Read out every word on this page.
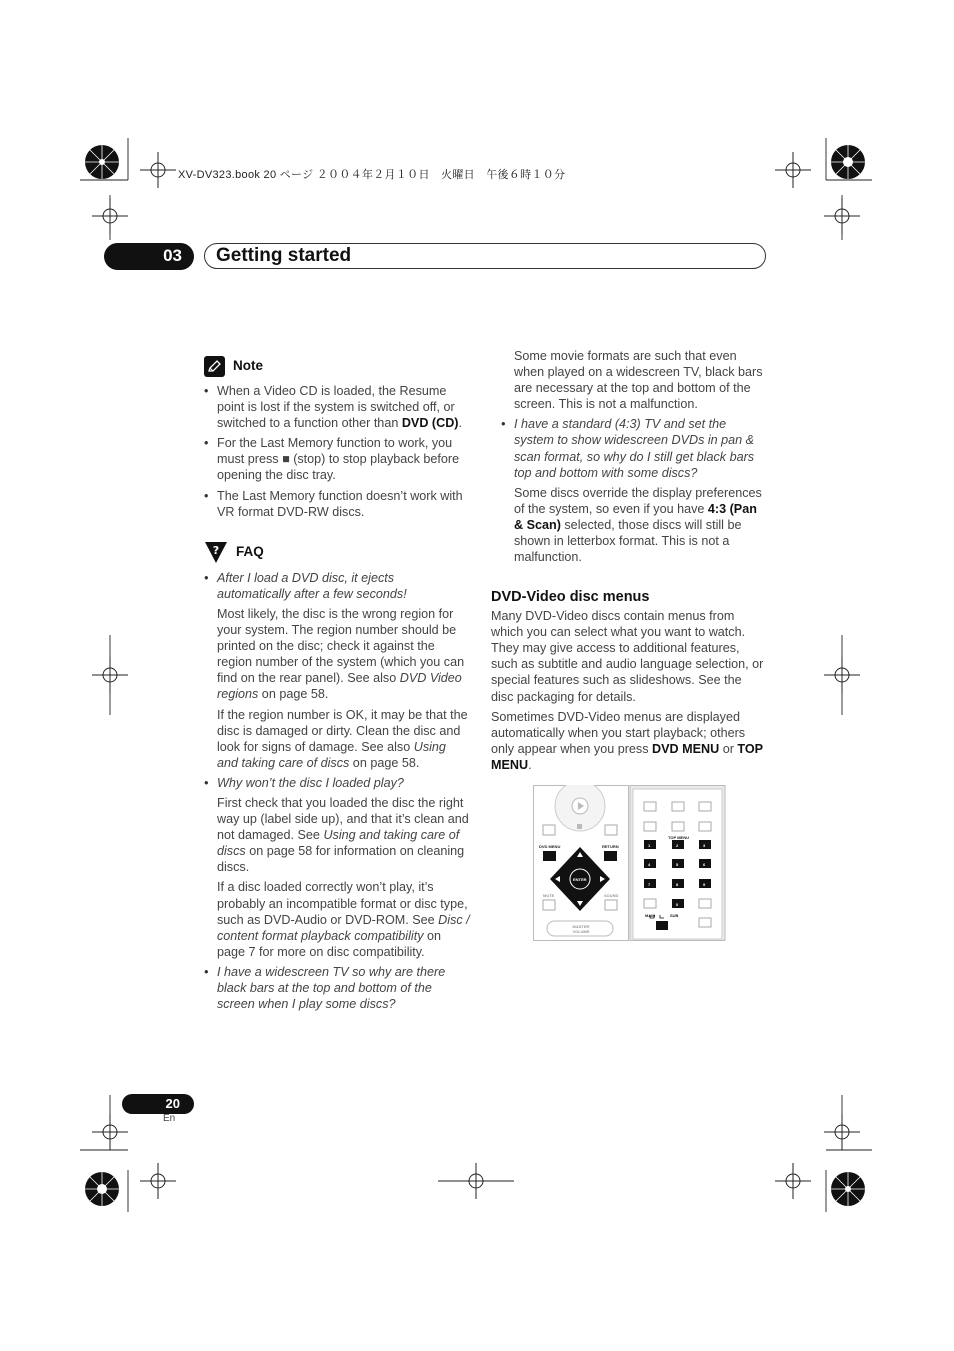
XV-DV323.book 20 ページ ２００４年２月１０日　火曜日　午後６時１０分
03	Getting started
Note
• When a Video CD is loaded, the Resume point is lost if the system is switched off, or switched to a function other than DVD (CD).
• For the Last Memory function to work, you must press ■ (stop) to stop playback before opening the disc tray.
• The Last Memory function doesn’t work with VR format DVD-RW discs.
? FAQ
• After I load a DVD disc, it ejects automatically after a few seconds!

Most likely, the disc is the wrong region for your system. The region number should be printed on the disc; check it against the region number of the system (which you can find on the rear panel). See also DVD Video regions on page 58.

If the region number is OK, it may be that the disc is damaged or dirty. Clean the disc and look for signs of damage. See also Using and taking care of discs on page 58.

• Why won’t the disc I loaded play?

First check that you loaded the disc the right way up (label side up), and that it’s clean and not damaged. See Using and taking care of discs on page 58 for information on cleaning discs.

If a disc loaded correctly won’t play, it’s probably an incompatible format or disc type, such as DVD-Audio or DVD-ROM. See Disc / content format playback compatibility on page 7 for more on disc compatibility.

• I have a widescreen TV so why are there black bars at the top and bottom of the screen when I play some discs?

Some movie formats are such that even when played on a widescreen TV, black bars are necessary at the top and bottom of the screen. This is not a malfunction.

• I have a standard (4:3) TV and set the system to show widescreen DVDs in pan & scan format, so why do I still get black bars top and bottom with some discs?

Some discs override the display preferences of the system, so even if you have 4:3 (Pan & Scan) selected, those discs will still be shown in letterbox format. This is not a malfunction.

DVD-Video disc menus

Many DVD-Video discs contain menus from which you can select what you want to watch. They may give access to additional features, such as subtitle and audio language selection, or special features such as slideshows. See the disc packaging for details.

Sometimes DVD-Video menus are displayed automatically when you start playback; others only appear when you press DVD MENU or TOP MENU.

DVD MENU	RETURN
ENTER
TOP MENU
MUTE	SOUND
MASTER VOLUME
MAIN	SUB
1	2	3
4	5	6
7	8	9
0
20
En
